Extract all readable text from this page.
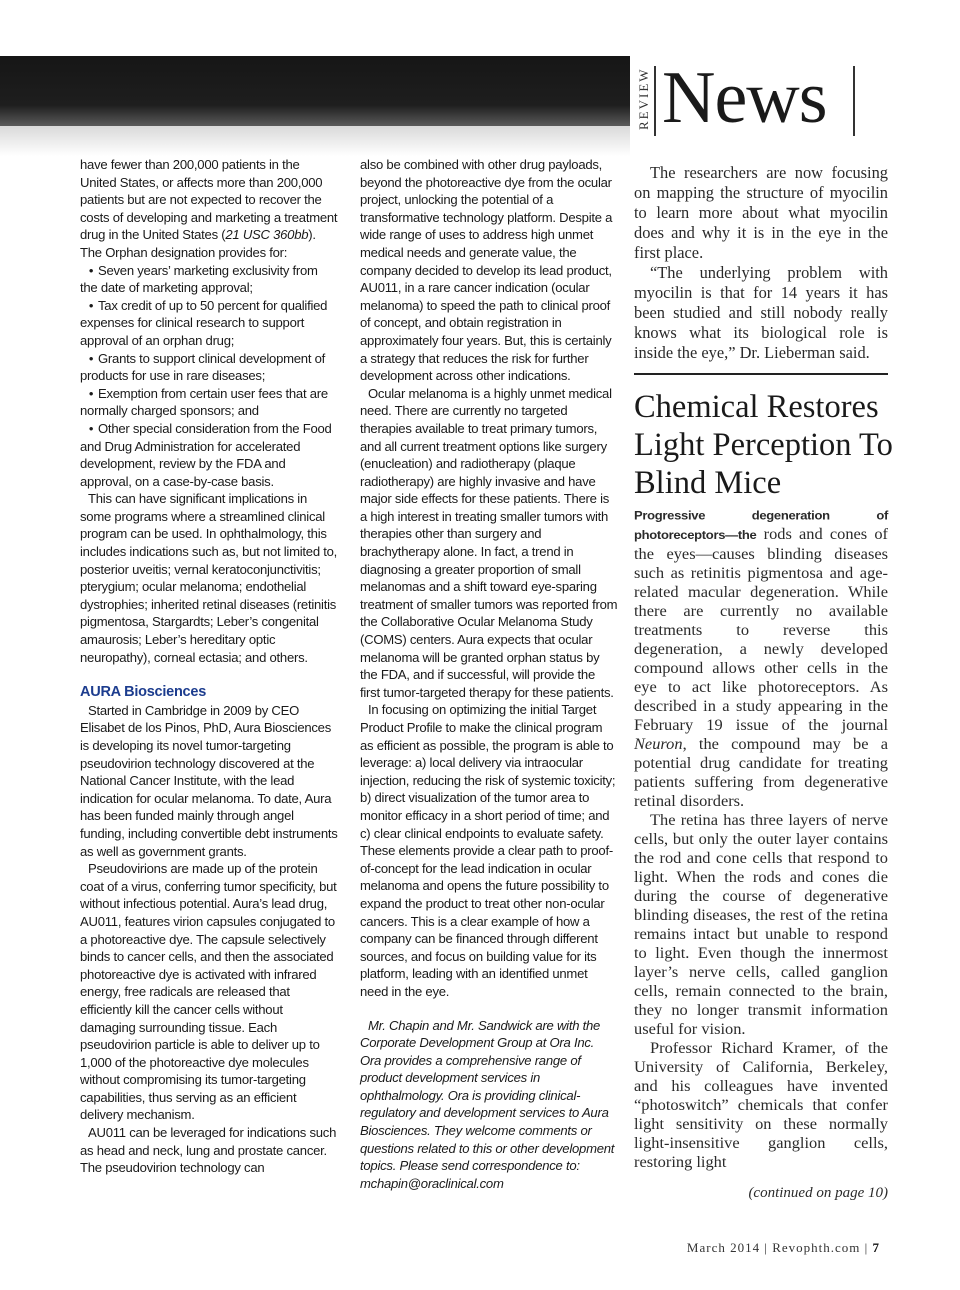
REVIEW News

have fewer than 200,000 patients in the United States, or affects more than 200,000 patients but are not expected to recover the costs of developing and marketing a treatment drug in the United States (21 USC 360bb). The Orphan designation provides for:

• Seven years’ marketing exclusivity from the date of marketing approval;

• Tax credit of up to 50 percent for qualified expenses for clinical research to support approval of an orphan drug;

• Grants to support clinical development of products for use in rare diseases;

• Exemption from certain user fees that are normally charged sponsors; and

• Other special consideration from the Food and Drug Administration for accelerated development, review by the FDA and approval, on a case-by-case basis.

This can have significant implications in some programs where a streamlined clinical program can be used. In ophthalmology, this includes indications such as, but not limited to, posterior uveitis; vernal keratoconjunctivitis; pterygium; ocular melanoma; endothelial dystrophies; inherited retinal diseases (retinitis pigmentosa, Stargardts; Leber’s congenital amaurosis; Leber’s hereditary optic neuropathy), corneal ectasia; and others.

AURA Biosciences

Started in Cambridge in 2009 by CEO Elisabet de los Pinos, PhD, Aura Biosciences is developing its novel tumor-targeting pseudovirion technology discovered at the National Cancer Institute, with the lead indication for ocular melanoma. To date, Aura has been funded mainly through angel funding, including convertible debt instruments as well as government grants.

Pseudovirions are made up of the protein coat of a virus, conferring tumor specificity, but without infectious potential. Aura’s lead drug, AU011, features virion capsules conjugated to a photoreactive dye. The capsule selectively binds to cancer cells, and then the associated photoreactive dye is activated with infrared energy, free radicals are released that efficiently kill the cancer cells without damaging surrounding tissue. Each pseudovirion particle is able to deliver up to 1,000 of the photoreactive dye molecules without compromising its tumor-targeting capabilities, thus serving as an efficient delivery mechanism.

AU011 can be leveraged for indications such as head and neck, lung and prostate cancer. The pseudovirion technology can

also be combined with other drug payloads, beyond the photoreactive dye from the ocular project, unlocking the potential of a transformative technology platform. Despite a wide range of uses to address high unmet medical needs and generate value, the company decided to develop its lead product, AU011, in a rare cancer indication (ocular melanoma) to speed the path to clinical proof of concept, and obtain registration in approximately four years. But, this is certainly a strategy that reduces the risk for further development across other indications.

Ocular melanoma is a highly unmet medical need. There are currently no targeted therapies available to treat primary tumors, and all current treatment options like surgery (enucleation) and radiotherapy (plaque radiotherapy) are highly invasive and have major side effects for these patients. There is a high interest in treating smaller tumors with therapies other than surgery and brachytherapy alone. In fact, a trend in diagnosing a greater proportion of small melanomas and a shift toward eye-sparing treatment of smaller tumors was reported from the Collaborative Ocular Melanoma Study (COMS) centers. Aura expects that ocular melanoma will be granted orphan status by the FDA, and if successful, will provide the first tumor-targeted therapy for these patients.

In focusing on optimizing the initial Target Product Profile to make the clinical program as efficient as possible, the program is able to leverage: a) local delivery via intraocular injection, reducing the risk of systemic toxicity; b) direct visualization of the tumor area to monitor efficacy in a short period of time; and c) clear clinical endpoints to evaluate safety. These elements provide a clear path to proof-of-concept for the lead indication in ocular melanoma and opens the future possibility to expand the product to treat other non-ocular cancers. This is a clear example of how a company can be financed through different sources, and focus on building value for its platform, leading with an identified unmet need in the eye.

Mr. Chapin and Mr. Sandwick are with the Corporate Development Group at Ora Inc. Ora provides a comprehensive range of product development services in ophthalmology. Ora is providing clinical-regulatory and development services to Aura Biosciences. They welcome comments or questions related to this or other development topics. Please send correspondence to: mchapin@oraclinical.com

The researchers are now focusing on mapping the structure of myocilin to learn more about what myocilin does and why it is in the eye in the first place.

“The underlying problem with myocilin is that for 14 years it has been studied and still nobody really knows what its biological role is inside the eye,” Dr. Lieberman said.

Chemical Restores Light Perception To Blind Mice

Progressive degeneration of photoreceptors—the rods and cones of the eyes—causes blinding diseases such as retinitis pigmentosa and age-related macular degeneration. While there are currently no available treatments to reverse this degeneration, a newly developed compound allows other cells in the eye to act like photoreceptors. As described in a study appearing in the February 19 issue of the journal Neuron, the compound may be a potential drug candidate for treating patients suffering from degenerative retinal disorders.

The retina has three layers of nerve cells, but only the outer layer contains the rod and cone cells that respond to light. When the rods and cones die during the course of degenerative blinding diseases, the rest of the retina remains intact but unable to respond to light. Even though the innermost layer’s nerve cells, called ganglion cells, remain connected to the brain, they no longer transmit information useful for vision.

Professor Richard Kramer, of the University of California, Berkeley, and his colleagues have invented “photoswitch” chemicals that confer light sensitivity on these normally light-insensitive ganglion cells, restoring light

(continued on page 10)
March 2014 | Revophth.com | 7
